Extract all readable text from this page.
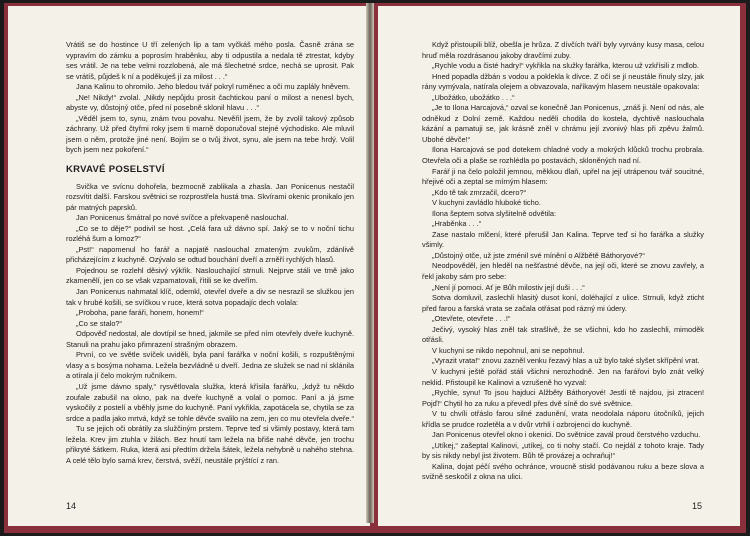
Vrátiš se do hostince U tří zelených lip a tam vyčkáš mého posla. Časně zrána se vypravím do zámku a poprosím hraběnku, aby ti odpustila a nedala tě ztrestat, kdyby ses vrátil. Je na tebe velmi rozzlobená, ale má šlechetné srdce, nechá se uprosit. Pak se vrátíš, půjdeš k ní a poděkuješ jí za milost . . .“

Jana Kalinu to ohromilo. Jeho bledou tvář pokryl ruměnec a oči mu zaplály hněvem.

„Ne! Nikdy!“ zvolal. „Nikdy nepůjdu prosit čachtickou paní o milost a nenesl bych, abyste vy, důstojný otče, před ní posebně sklonil hlavu . . .“

„Věděl jsem to, synu, znám tvou povahu. Nevěřil jsem, že by zvolil takový způsob záchrany. Už před čtyřmi roky jsem ti marně doporučoval stejné východisko. Ale mluvil jsem o něm, protože jiné není. Bojím se o tvůj život, synu, ale jsem na tebe hrdý. Volil bych jsem nez pokoření.“

KRVAVÉ POSELSTVÍ

Svička ve svícnu dohořela, bezmocně zablikala a zhasla. Jan Ponicenus nestačil rozsvítit další. Farskou světnici se rozprostřela hustá tma. Skvírami okenic pronikalo jen pár matných paprsků.

Jan Ponicenus šmátral po nové svíčce a překvapeně naslouchal.

„Co se to děje?“ podivil se host. „Celá fara už dávno spí. Jaký se to v noční tichu rozléhá šum a lomoz?“

„Pst!“ napomenul ho farář a napjatě naslouchal zmateným zvukům, zdánlivě přicházejícím z kuchyně. Ozývalo se odtud bouchání dveří a zrněří rychlých hlasů.

Pojednou se rozlehl děsivý výkřik. Naslouchající strnuli. Nejprve stáli ve tmě jako zkamenělí, jen co se však vzpamatovali, řítili se ke dveřím.

Jan Ponicenus nahmatal klíč, odemkl, otevřel dveře a div se nesrazil se služkou jen tak v hrubé košili, se svíčkou v ruce, která sotva popadajíc dech volala:

„Proboha, pane faráři, honem, honem!“

„Co se stalo?“

Odpověď nedostal, ale dovtípil se hned, jakmile se před ním otevřely dveře kuchyně. Stanuli na prahu jako přimrazení strašným obrazem.

První, co ve světle svíček uviděli, byla paní farářka v noční košili, s rozpuštěnými vlasy a s bosýma nohama. Ležela bezvládně u dveří. Jedna ze služek se nad ní sklánila a otírala jí čelo mokrým ručníkem.

„Už jsme dávno spaly,“ rysvětlovala služka, která křísila farářku, „když tu někdo zoufale zabušil na okno, pak na dveře kuchyně a volal o pomoc. Paní a já jsme vyskočily z postelí a vběhly jsme do kuchyně. Paní vykřikla, zapotácela se, chytila se za srdce a padla jako mrtvá, když se tohle děvče svalilo na zem, jen co mu otevřela dveře.“

Tu se jejich oči obrátily za služčiným prstem. Teprve teď si všimly postavy, která tam ležela. Krev jim ztuhla v žilách. Bez hnutí tam ležela na břiše nahé děvče, jen trochu přikryté šátkem. Ruka, která asi předtím držela šátek, ležela nehybně u nahého stehna. A celé tělo bylo samá krev, čerstvá, svěží, neustále prýštící z ran.

14

Když přistoupili blíž, obešla je hrůza. Z dívčích tváří byly vyrvány kusy masa, celou hruď měla rozdrásanou jakoby dravčími zuby.

„Rychle vodu a čisté hadry!“ vykřikla na služky farářka, kterou už vzkřísili z mdlob.

Hned popadla džbán s vodou a poklekla k dívce. Z očí se jí neustále řinuly slzy, jak rány vymývala, natírala olejem a obvazovala, naříkavým hlasem neustále opakovala:

„Ubožátko, ubožátko . . .“

„Je to Ilona Harcajová,“ ozval se konečně Jan Ponicenus, „znáš ji. Není od nás, ale odněkud z Dolní země. Každou neděli chodila do kostela, dychtivě naslouchala kázání a pamatuji se, jak krásně zněl v chrámu její zvonivý hlas při zpěvu žalmů. Ubohé děvče!“

Ilona Harcajová se pod dotekem chladné vody a mokrých klůcků trochu probrala. Otevřela oči a plaše se rozhlédla po postavách, skloněných nad ní.

Farář ji na čelo položil jemnou, měkkou dlaň, upřel na její utrápenou tvář soucitné, hřejivé oči a zeptal se mírným hlasem:

„Kdo tě tak zmrzačil, dcero?“

V kuchyni zavládlo hluboké ticho.

Ilona šeptem sotva slyšitelně odvětila:

„Hraběnka . . .“

Zase nastalo mlčení, které přerušil Jan Kalina. Teprve teď si ho farářka a služky všimly.

„Důstojný otče, už jste zménil své mínění o Alžbětě Báthoryové?“

Neodpověděl, jen hleděl na nešťastné děvče, na její oči, které se znovu zavřely, a řekl jakoby sám pro sebe:

„Není jí pomoci. Ať je Bůh milostiv její duši . . .“

Sotva domluvil, zaslechli hlasitý dusot koní, doléhající z ulice. Strnuli, když zticht před farou a farská vrata se začala otřásat pod rázný mi údery.

„Otevřete, otevřete . . .!“

Ječivý, vysoký hlas zněl tak strašlivě, že se všichni, kdo ho zaslechli, mimoděk otřásli.

V kuchyni se nikdo nepohnul, ani se nepohnul.

„Vyrazit vrata!“ znovu zazněl venku řezavý hlas a už bylo také slyšet skřípění vrat.

V kuchyni ještě pořád stáli všichni nerozhodně. Jen na farářovi bylo znát velký neklid. Přistoupil ke Kalinovi a vzrušeně ho vyzval:

„Rychle, synu! To jsou hajduci Alžběty Báthoryové! Jestli tě najdou, jsi ztracen! Pojď!“ Chytil ho za ruku a převedl přes dvě síně do své světnice.

V tu chvíli otřáslo farou silné zadunění, vrata neodolala náporu útočníků, jejich křídla se prudce rozletěla a v dvůr vtrhli i ozbrojenci do kuchyně.

Jan Ponicenus otevřel okno i okenici. Do světnice zavál proud čerstvého vzduchu.

„Utíkej,“ zašeptal Kalinovi, „utíkej, co ti nohy stačí. Co nejdál z tohoto kraje. Tady by sis nikdy nebyl jist životem. Bůh tě provázej a ochraňuj!“

Kalina, dojat péčí svého ochránce, vroucně stiskl podávanou ruku a beze slova a svižně seskočil z okna na ulici.

15
